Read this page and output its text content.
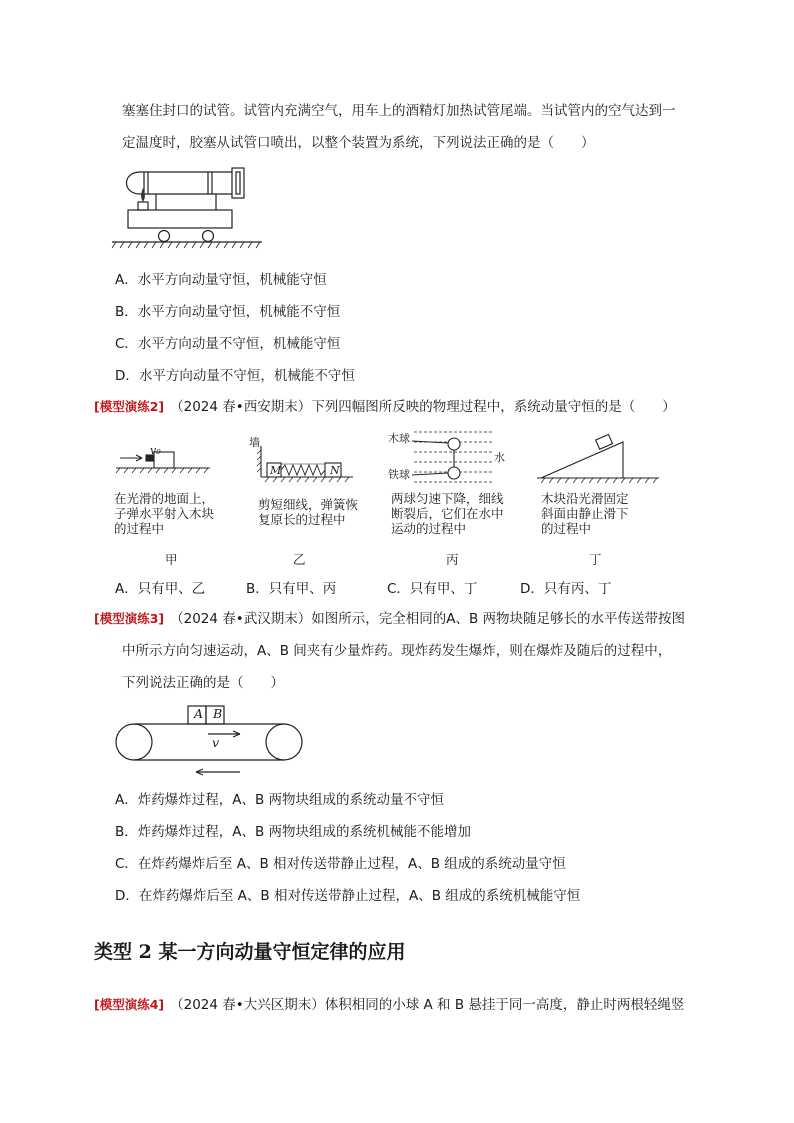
塞塞住封口的试管。试管内充满空气，用车上的酒精灯加热试管尾端。当试管内的空气达到一
定温度时，胶塞从试管口喷出，以整个装置为系统，下列说法正确的是（　　）
A．水平方向动量守恒，机械能守恒
B．水平方向动量守恒，机械能不守恒
C．水平方向动量不守恒，机械能守恒
D．水平方向动量不守恒，机械能不守恒
[模型演练2] （2024 春•西安期末）下列四幅图所反映的物理过程中，系统动量守恒的是（　　）
v₀
在光滑的地面上，
子弹水平射入木块
的过程中
甲
墙
M	N
剪短细线，弹簧恢
复原长的过程中
乙
木球
铁球
水
两球匀速下降，细线
断裂后，它们在水中
运动的过程中
丙
木块沿光滑固定
斜面由静止滑下
的过程中
丁
A．只有甲、乙	B．只有甲、丙	C．只有甲、丁	D．只有丙、丁
[模型演练3] （2024 春•武汉期末）如图所示，完全相同的A、B 两物块随足够长的水平传送带按图
中所示方向匀速运动，A、B 间夹有少量炸药。现炸药发生爆炸，则在爆炸及随后的过程中，
下列说法正确的是（　　）
A B
v
A．炸药爆炸过程，A、B 两物块组成的系统动量不守恒
B．炸药爆炸过程，A、B 两物块组成的系统机械能不能增加
C．在炸药爆炸后至 A、B 相对传送带静止过程，A、B 组成的系统动量守恒
D．在炸药爆炸后至 A、B 相对传送带静止过程，A、B 组成的系统机械能守恒
类型 2 某一方向动量守恒定律的应用
[模型演练4] （2024 春•大兴区期末）体积相同的小球 A 和 B 悬挂于同一高度，静止时两根轻绳竖
